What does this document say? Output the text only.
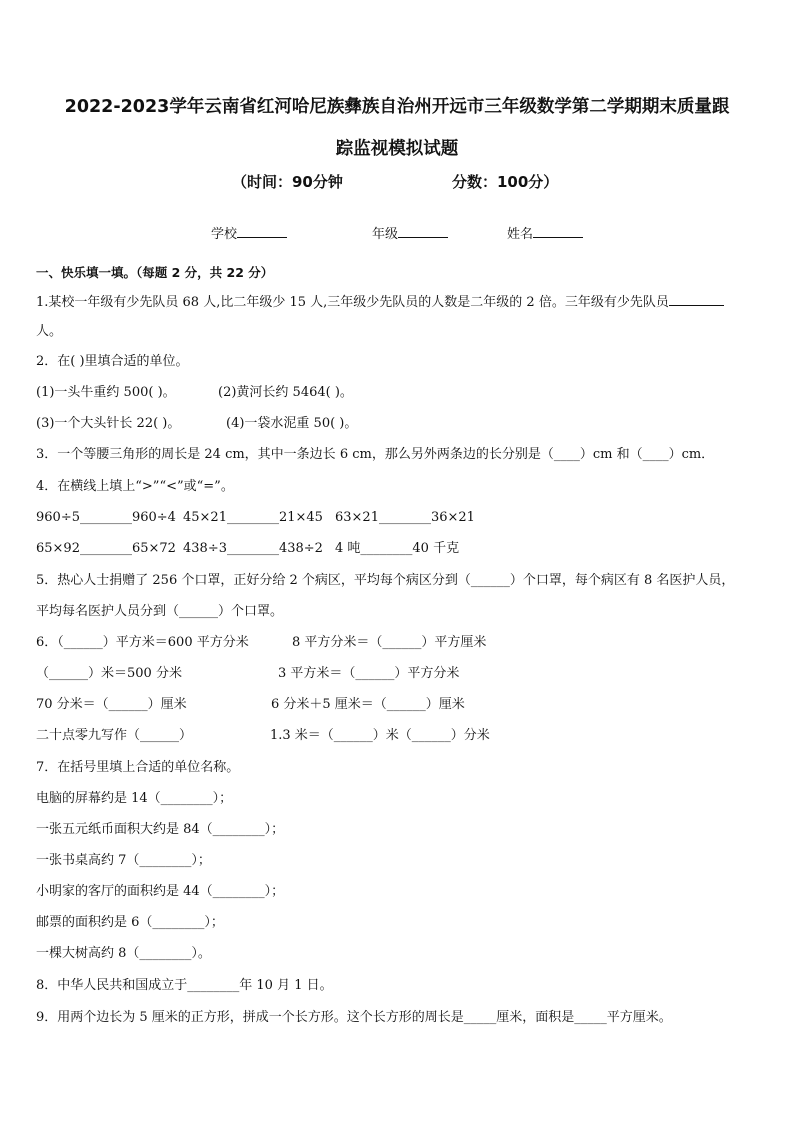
2022-2023学年云南省红河哈尼族彝族自治州开远市三年级数学第二学期期末质量跟
踪监视模拟试题
（时间：90分钟	分数：100分）
学校	年级	姓名
一、快乐填一填。（每题 2 分，共 22 分）
1.某校一年级有少先队员 68 人,比二年级少 15 人,三年级少先队员的人数是二年级的 2 倍。三年级有少先队员
人。
2．在( )里填合适的单位。
(1)一头牛重约 500( )。	(2)黄河长约 5464( )。
(3)一个大头针长 22( )。	(4)一袋水泥重 50( )。
3．一个等腰三角形的周长是 24 cm，其中一条边长 6 cm，那么另外两条边的长分别是（____）cm 和（____）cm．
4．在横线上填上“>”“<”或“=”。
960÷5________960÷4 45×21________21×45 63×21________36×21
65×92________65×72 438÷3________438÷2 4 吨________40 千克
5．热心人士捐赠了 256 个口罩，正好分给 2 个病区，平均每个病区分到（______）个口罩，每个病区有 8 名医护人员，
平均每名医护人员分到（______）个口罩。
6．（______）平方米＝600 平方分米	8 平方分米＝（______）平方厘米
（______）米＝500 分米	3 平方米＝（______）平方分米
70 分米＝（______）厘米	6 分米＋5 厘米＝（______）厘米
二十点零九写作（______）	1.3 米＝（______）米（______）分米
7．在括号里填上合适的单位名称。
电脑的屏幕约是 14（________）；
一张五元纸币面积大约是 84（________）；
一张书桌高约 7（________）；
小明家的客厅的面积约是 44（________）；
邮票的面积约是 6（________）；
一棵大树高约 8（________）。
8．中华人民共和国成立于________年 10 月 1 日。
9．用两个边长为 5 厘米的正方形，拼成一个长方形。这个长方形的周长是_____厘米，面积是_____平方厘米。
